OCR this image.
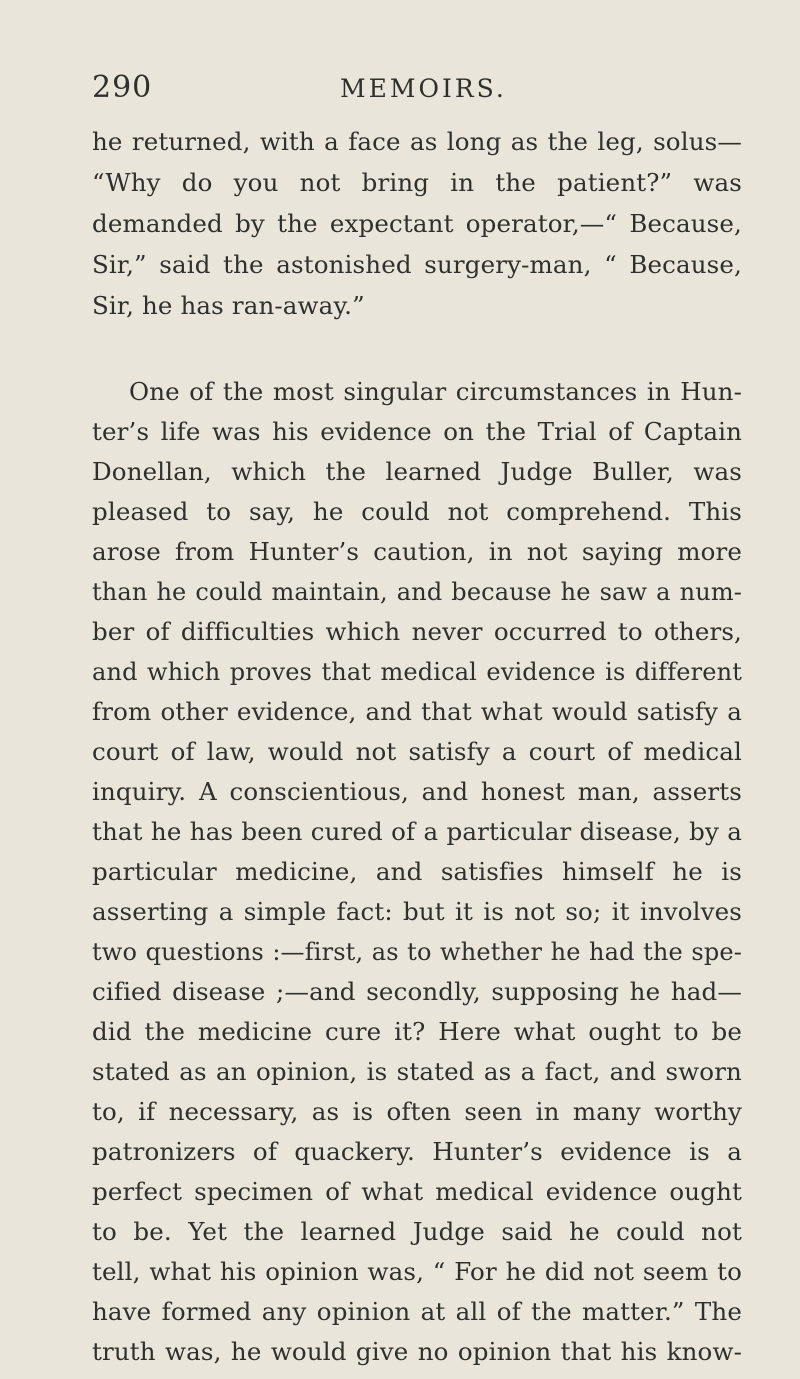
290	MEMOIRS.
he returned, with a face as long as the leg, solus—
“Why do you not bring in the patient?” was
demanded by the expectant operator,—“ Because,
Sir,” said the astonished surgery-man, “ Because,
Sir, he has ran-away.”
One of the most singular circumstances in Hun-
ter’s life was his evidence on the Trial of Captain
Donellan, which the learned Judge Buller, was
pleased to say, he could not comprehend. This
arose from Hunter’s caution, in not saying more
than he could maintain, and because he saw a num-
ber of difficulties which never occurred to others,
and which proves that medical evidence is different
from other evidence, and that what would satisfy a
court of law, would not satisfy a court of medical
inquiry. A conscientious, and honest man, asserts
that he has been cured of a particular disease, by a
particular medicine, and satisfies himself he is
asserting a simple fact: but it is not so; it involves
two questions :—first, as to whether he had the spe-
cified disease ;—and secondly, supposing he had—
did the medicine cure it? Here what ought to be
stated as an opinion, is stated as a fact, and sworn
to, if necessary, as is often seen in many worthy
patronizers of quackery. Hunter’s evidence is a
perfect specimen of what medical evidence ought
to be. Yet the learned Judge said he could not
tell, what his opinion was, “ For he did not seem to
have formed any opinion at all of the matter.” The
truth was, he would give no opinion that his know-
